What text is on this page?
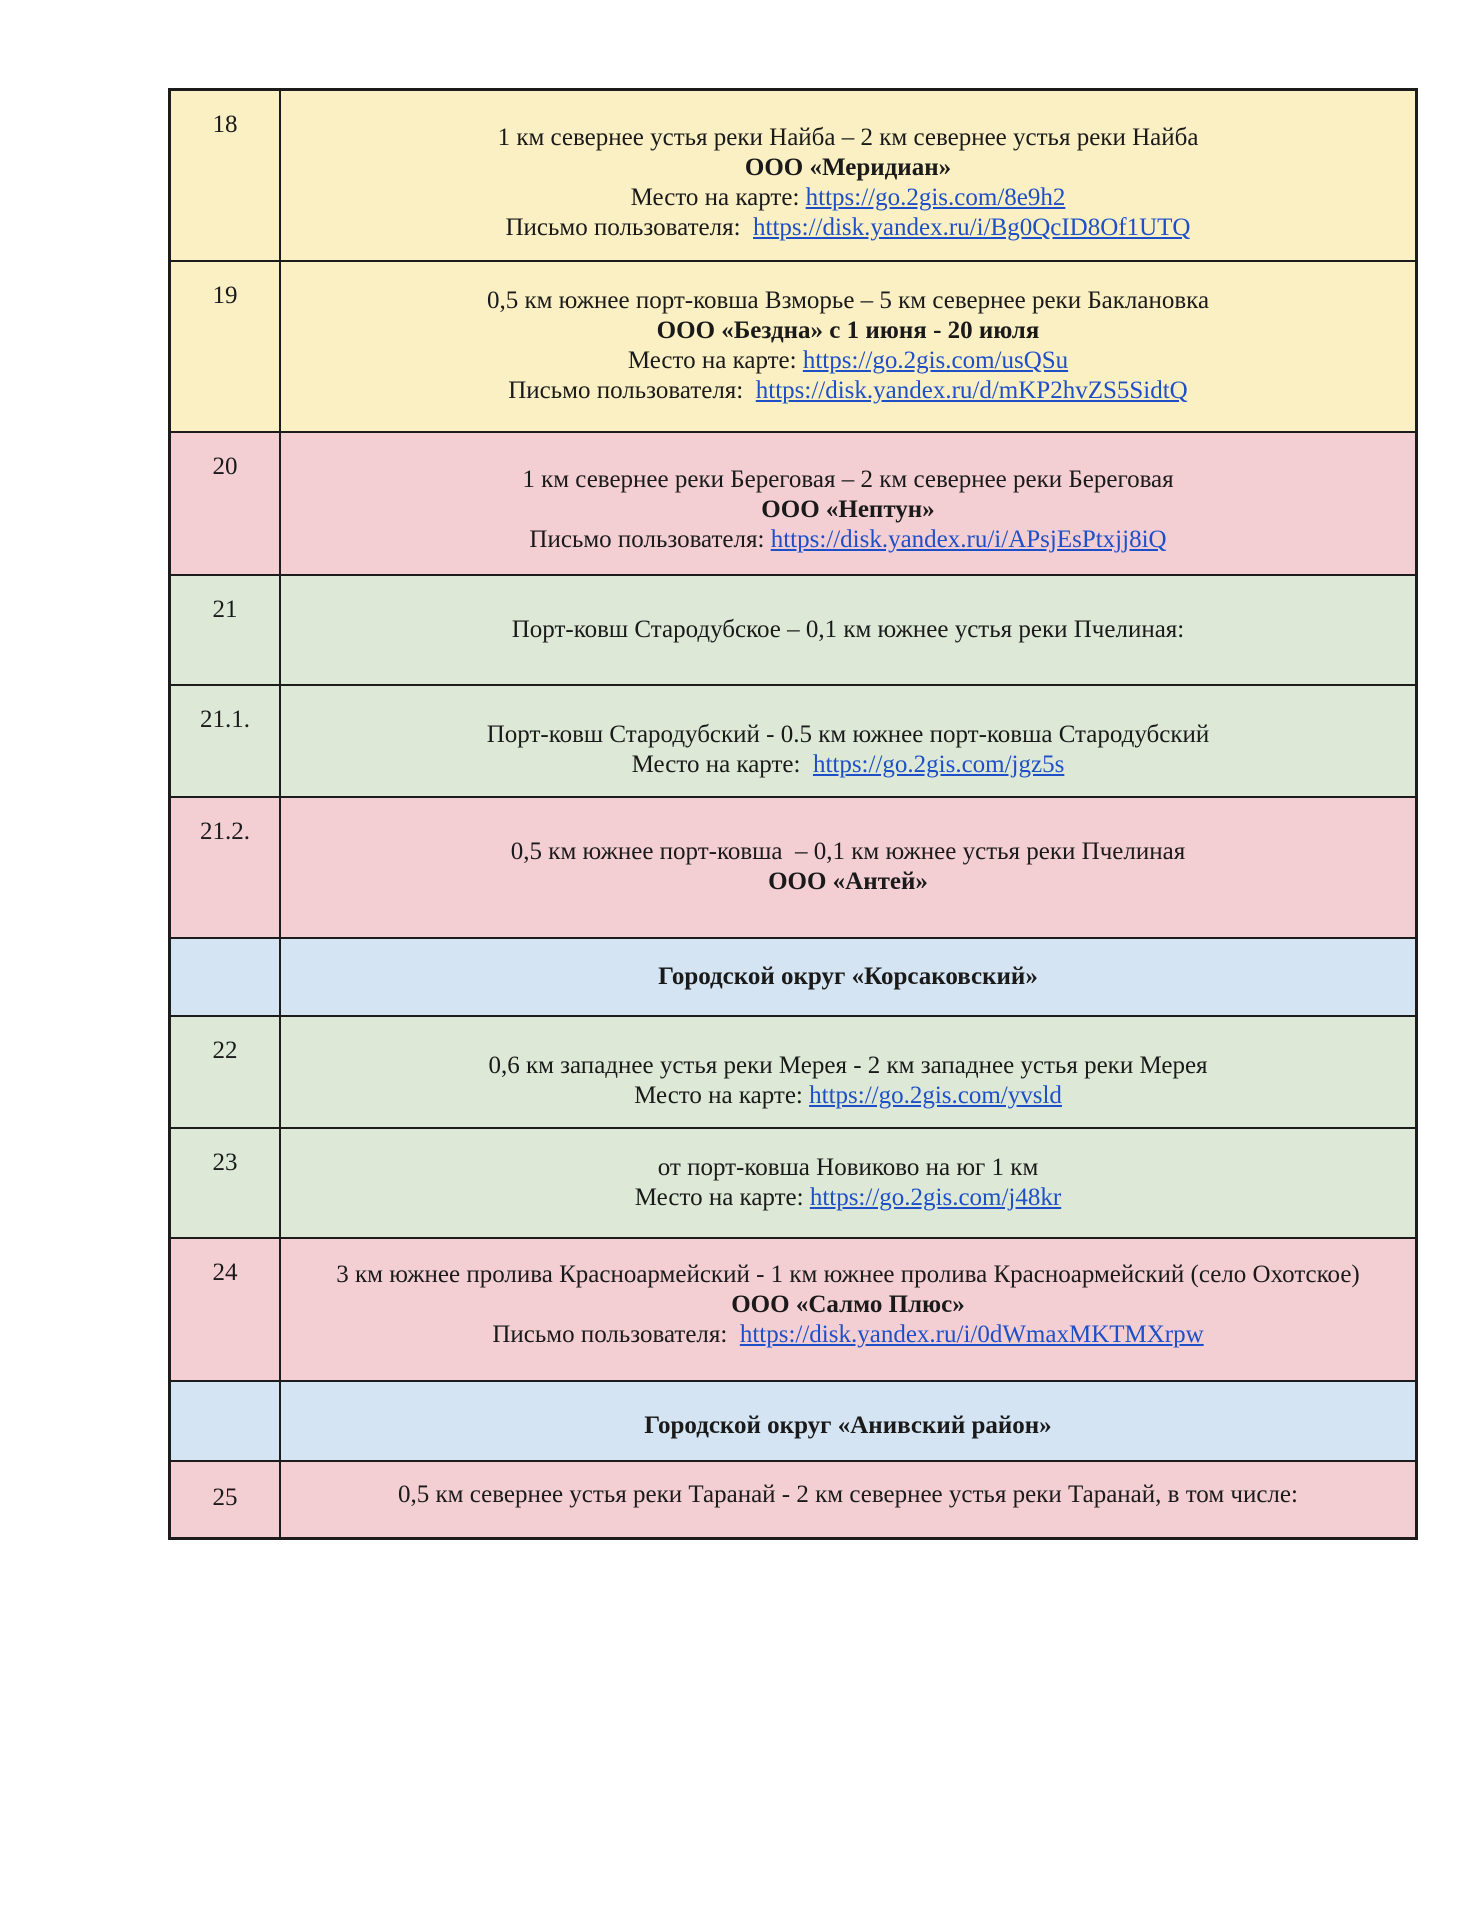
18	1 км севернее устья реки Найба – 2 км севернее устья реки Найба
ООО «Меридиан»
Место на карте: https://go.2gis.com/8e9h2
Письмо пользователя:  https://disk.yandex.ru/i/Bg0QcID8Of1UTQ

19	0,5 км южнее порт-ковша Взморье – 5 км севернее реки Баклановка
ООО «Бездна» с 1 июня - 20 июля
Место на карте: https://go.2gis.com/usQSu
Письмо пользователя:  https://disk.yandex.ru/d/mKP2hvZS5SidtQ

20	1 км севернее реки Береговая – 2 км севернее реки Береговая
ООО «Нептун»
Письмо пользователя: https://disk.yandex.ru/i/APsjEsPtxjj8iQ

21	Порт-ковш Стародубское – 0,1 км южнее устья реки Пчелиная:

21.1.	Порт-ковш Стародубский - 0.5 км южнее порт-ковша Стародубский
Место на карте:  https://go.2gis.com/jgz5s

21.2.	0,5 км южнее порт-ковша  – 0,1 км южнее устья реки Пчелиная
ООО «Антей»

	Городской округ «Корсаковский»
22	0,6 км западнее устья реки Мерея - 2 км западнее устья реки Мерея
Место на карте: https://go.2gis.com/yvsld

23	от порт-ковша Новиково на юг 1 км
Место на карте: https://go.2gis.com/j48kr

24	3 км южнее пролива Красноармейский - 1 км южнее пролива Красноармейский (село Охотское)
ООО «Салмо Плюс»
Письмо пользователя:  https://disk.yandex.ru/i/0dWmaxMKTMXrpw

	Городской округ «Анивский район»
25	0,5 км севернее устья реки Таранай - 2 км севернее устья реки Таранай, в том числе:
